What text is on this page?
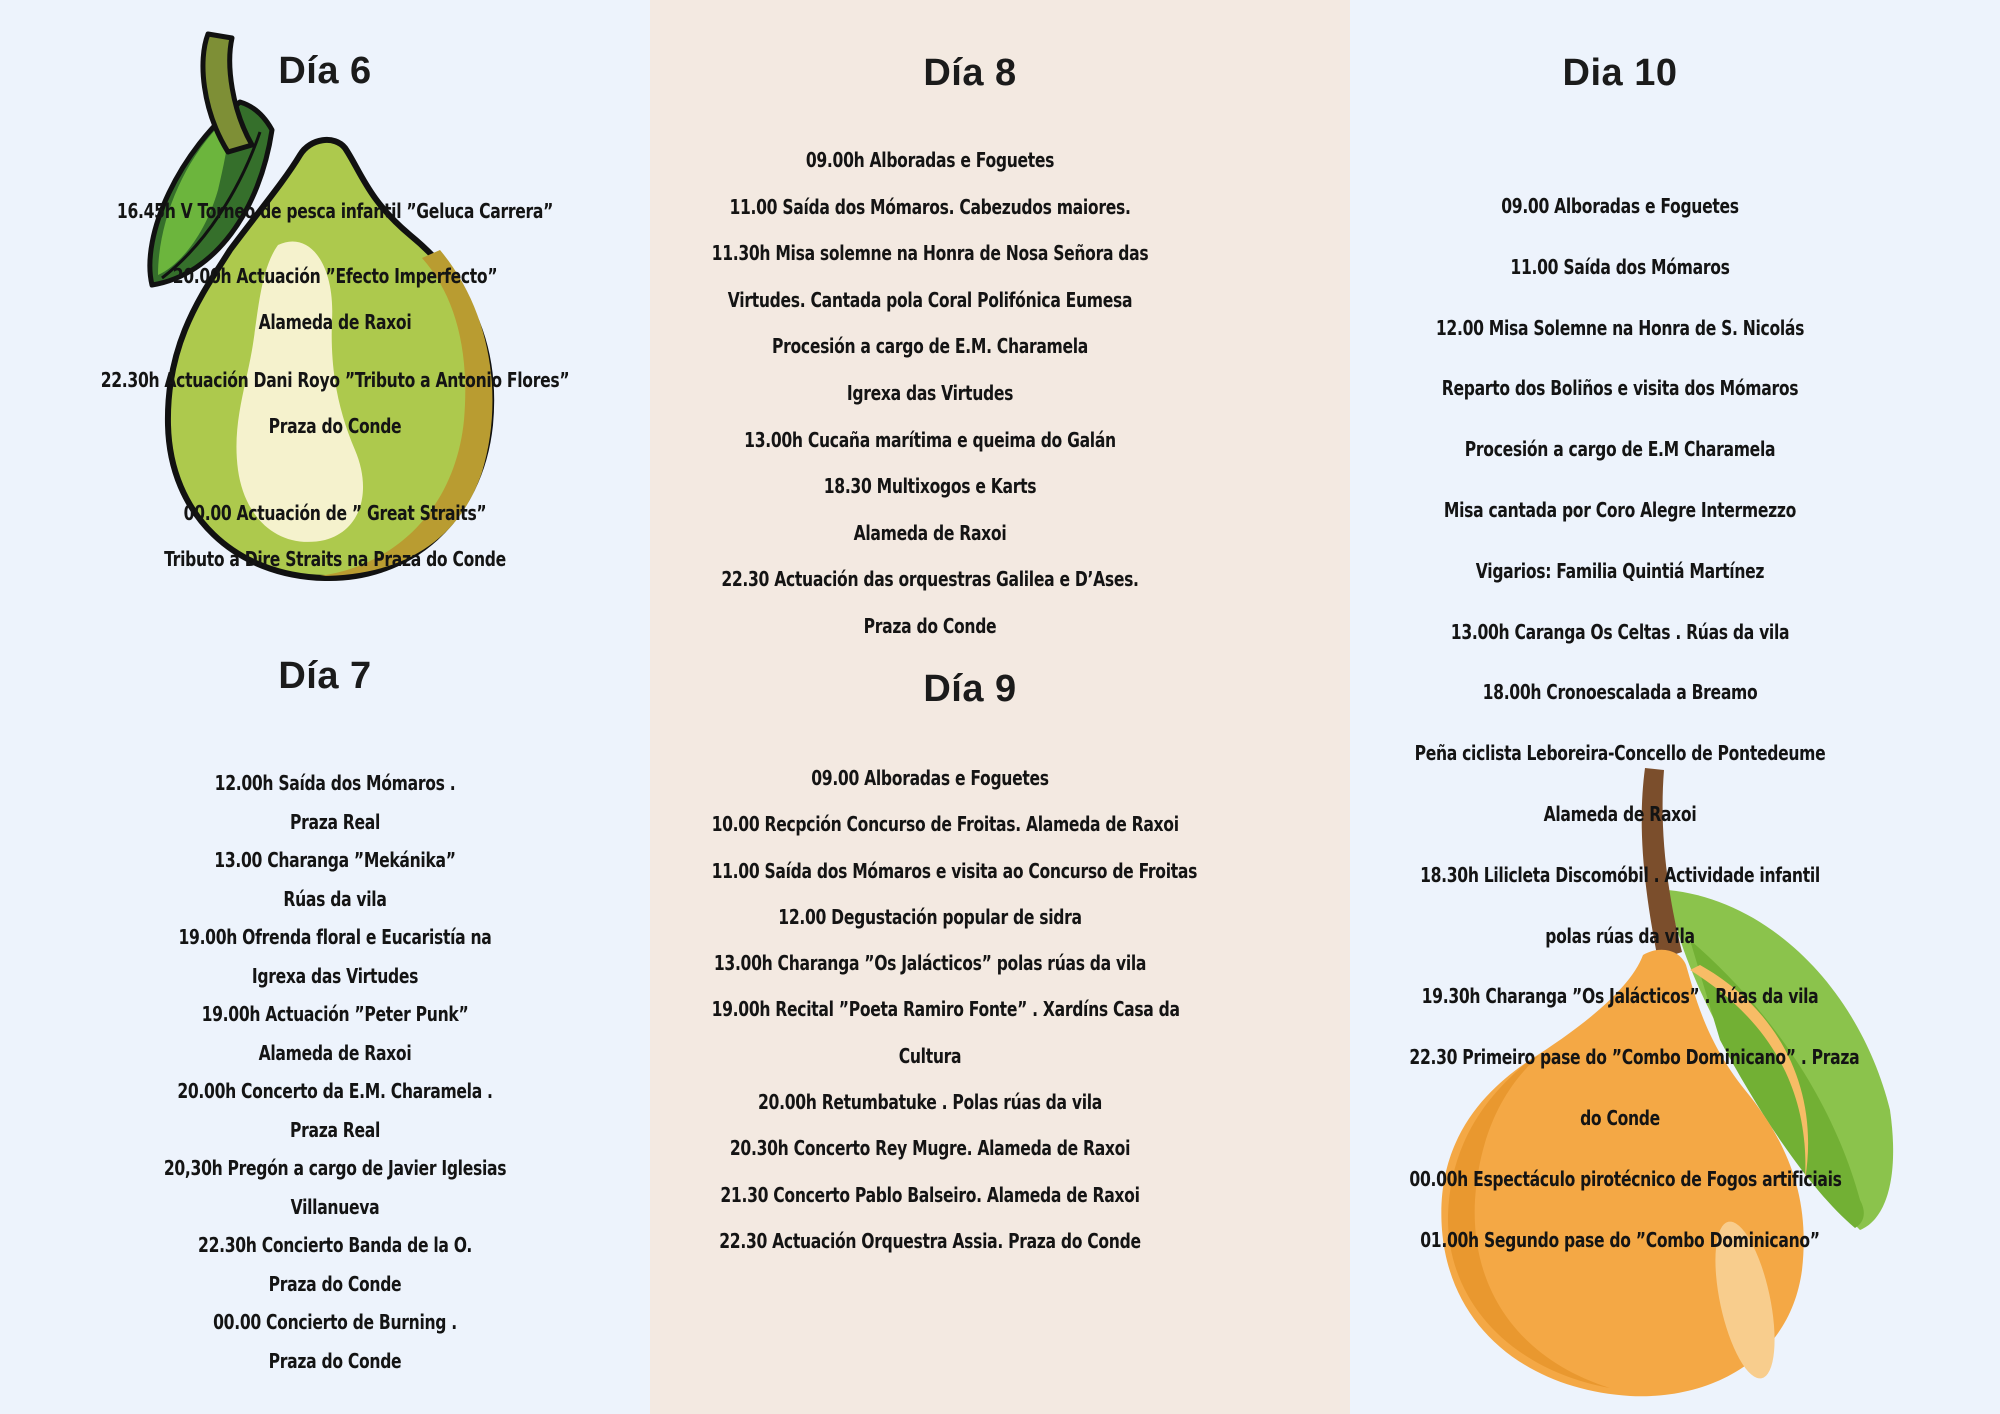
Día 6
16.45h V Torneo de pesca infantil ”Geluca Carrera”
20.00h Actuación ”Efecto Imperfecto”
Alameda de Raxoi
22.30h Actuación Dani Royo ”Tributo a Antonio Flores”
Praza do Conde
00.00 Actuación de ” Great Straits”
Tributo a Dire Straits na Praza do Conde
Día 7
12.00h Saída dos Mómaros .
Praza Real
13.00 Charanga ”Mekánika”
Rúas da vila
19.00h Ofrenda floral e Eucaristía na
Igrexa das Virtudes
19.00h Actuación ”Peter Punk”
Alameda de Raxoi
20.00h Concerto da E.M. Charamela .
Praza Real
20,30h Pregón a cargo de Javier Iglesias
Villanueva
22.30h Concierto Banda de la O.
Praza do Conde
00.00 Concierto de Burning .
Praza do Conde
Día 8
09.00h Alboradas e Foguetes
11.00 Saída dos Mómaros. Cabezudos maiores.
11.30h Misa solemne na Honra de Nosa Señora das
Virtudes. Cantada pola Coral Polifónica Eumesa
Procesión a cargo de E.M. Charamela
Igrexa das Virtudes
13.00h Cucaña marítima e queima do Galán
18.30 Multixogos e Karts
Alameda de Raxoi
22.30 Actuación das orquestras Galilea e D’Ases.
Praza do Conde
Día 9
09.00 Alboradas e Foguetes
10.00 Recpción Concurso de Froitas. Alameda de Raxoi
11.00 Saída dos Mómaros e visita ao Concurso de Froitas
12.00 Degustación popular de sidra
13.00h Charanga ”Os Jalácticos” polas rúas da vila
19.00h Recital ”Poeta Ramiro Fonte” . Xardíns Casa da
Cultura
20.00h Retumbatuke . Polas rúas da vila
20.30h Concerto Rey Mugre. Alameda de Raxoi
21.30 Concerto Pablo Balseiro. Alameda de Raxoi
22.30 Actuación Orquestra Assia. Praza do Conde
Dia 10
09.00 Alboradas e Foguetes
11.00 Saída dos Mómaros
12.00 Misa Solemne na Honra de S. Nicolás
Reparto dos Boliños e visita dos Mómaros
Procesión a cargo de E.M Charamela
Misa cantada por Coro Alegre Intermezzo
Vigarios: Familia Quintiá Martínez
13.00h Caranga Os Celtas . Rúas da vila
18.00h Cronoescalada a Breamo
Peña ciclista Leboreira-Concello de Pontedeume
Alameda de Raxoi
18.30h Lilicleta Discomóbil . Actividade infantil
polas rúas da vila
19.30h Charanga ”Os Jalácticos” . Rúas da vila
22.30 Primeiro pase do ”Combo Dominicano” . Praza
do Conde
00.00h Espectáculo pirotécnico de Fogos artificiais
01.00h Segundo pase do ”Combo Dominicano”
